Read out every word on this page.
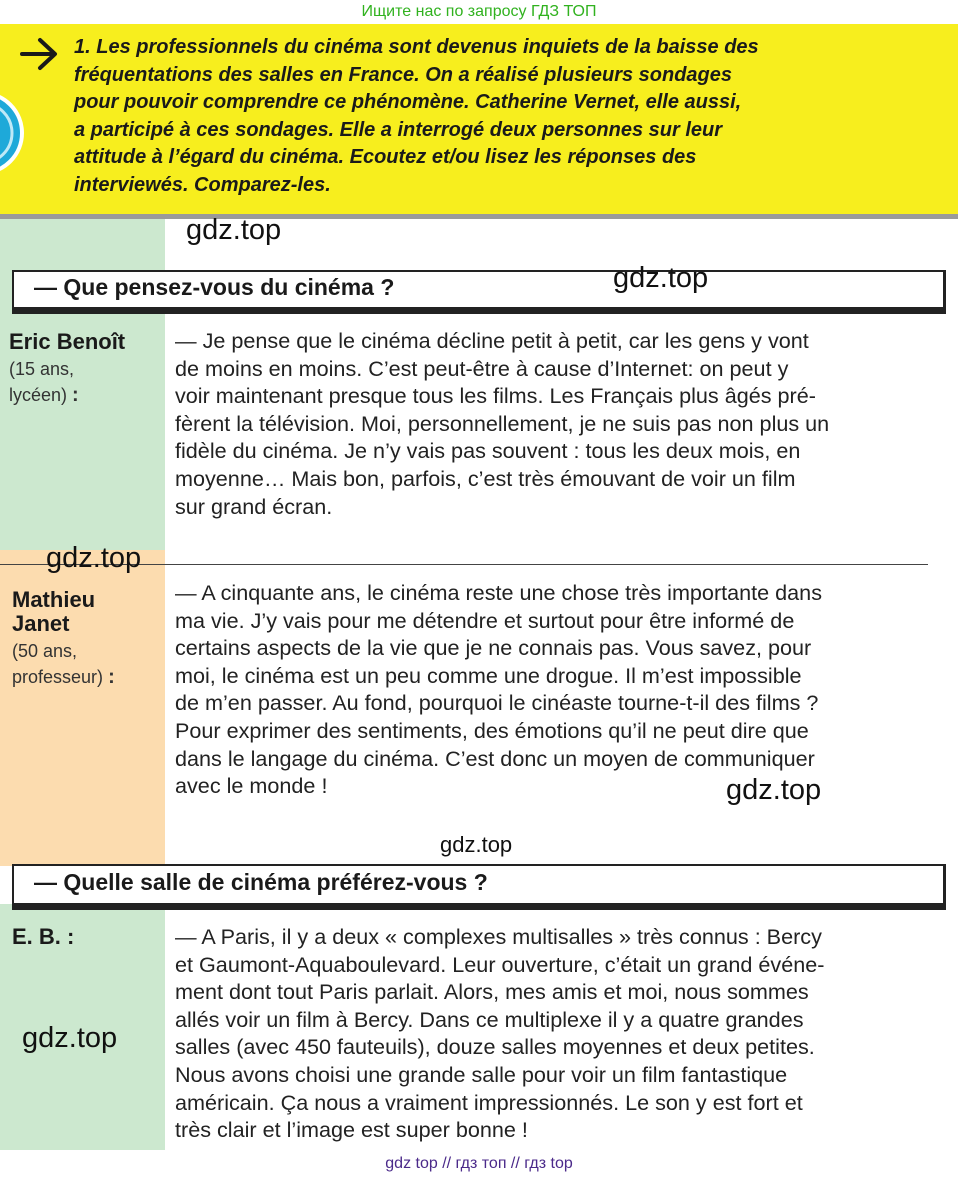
Ищите нас по запросу ГДЗ ТОП
1. Les professionnels du cinéma sont devenus inquiets de la baisse des
fréquentations des salles en France. On a réalisé plusieurs sondages
pour pouvoir comprendre ce phénomène. Catherine Vernet, elle aussi,
a participé à ces sondages. Elle a interrogé deux personnes sur leur
attitude à l’égard du cinéma. Ecoutez et/ou lisez les réponses des
interviewés. Comparez-les.
— Que pensez-vous du cinéma ?
Eric Benoît
(15 ans,
lycéen) :

— Je pense que le cinéma décline petit à petit, car les gens y vont

de moins en moins. C’est peut-être à cause d’Internet: on peut y

voir maintenant presque tous les films. Les Français plus âgés pré-

fèrent la télévision. Moi, personnellement, je ne suis pas non plus un

fidèle du cinéma. Je n’y vais pas souvent : tous les deux mois, en

moyenne… Mais bon, parfois, c’est très émouvant de voir un film

sur grand écran.

Mathieu
Janet
(50 ans,
professeur) :

— A cinquante ans, le cinéma reste une chose très importante dans

ma vie. J’y vais pour me détendre et surtout pour être informé de

certains aspects de la vie que je ne connais pas. Vous savez, pour

moi, le cinéma est un peu comme une drogue. Il m’est impossible

de m’en passer. Au fond, pourquoi le cinéaste tourne-t-il des films ?

Pour exprimer des sentiments, des émotions qu’il ne peut dire que

dans le langage du cinéma. C’est donc un moyen de communiquer

avec le monde !

— Quelle salle de cinéma préférez-vous ?
E. B. :	— A Paris, il y a deux « complexes multisalles » très connus : Bercy

et Gaumont-Aquaboulevard. Leur ouverture, c’était un grand événe-

ment dont tout Paris parlait. Alors, mes amis et moi, nous sommes

allés voir un film à Bercy. Dans ce multiplexe il y a quatre grandes

salles (avec 450 fauteuils), douze salles moyennes et deux petites.

Nous avons choisi une grande salle pour voir un film fantastique

américain. Ça nous a vraiment impressionnés. Le son y est fort et

très clair et l’image est super bonne !

gdz.top
gdz.top
gdz.top
gdz.top
gdz.top
gdz.top
gdz top // гдз топ // гдз top
